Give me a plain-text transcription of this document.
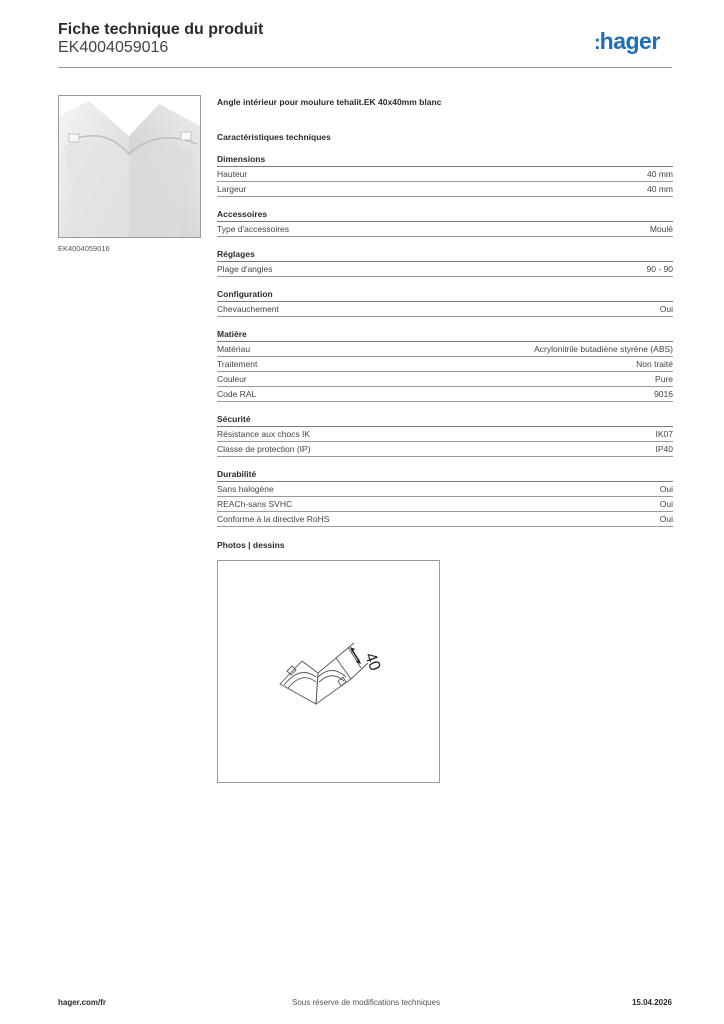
Fiche technique du produit
EK4004059016	:hager
EK4004059016
Angle intérieur pour moulure tehalit.EK 40x40mm blanc
Caractéristiques techniques
Dimensions
Hauteur	40 mm
Largeur	40 mm
Accessoires
Type d'accessoires	Moulé
Réglages
Plage d'angles	90 - 90
Configuration
Chevauchement	Oui
Matière
Matériau	Acrylonitrile butadiène styrène (ABS)
Traitement	Non traité
Couleur	Pure
Code RAL	9016
Sécurité
Résistance aux chocs IK	IK07
Classe de protection (IP)	IP40
Durabilité
Sans halogène	Oui
REACh-sans SVHC	Oui
Conforme à la directive RoHS	Oui
Photos | dessins
40
hager.com/fr	Sous réserve de modifications techniques	15.04.2026
